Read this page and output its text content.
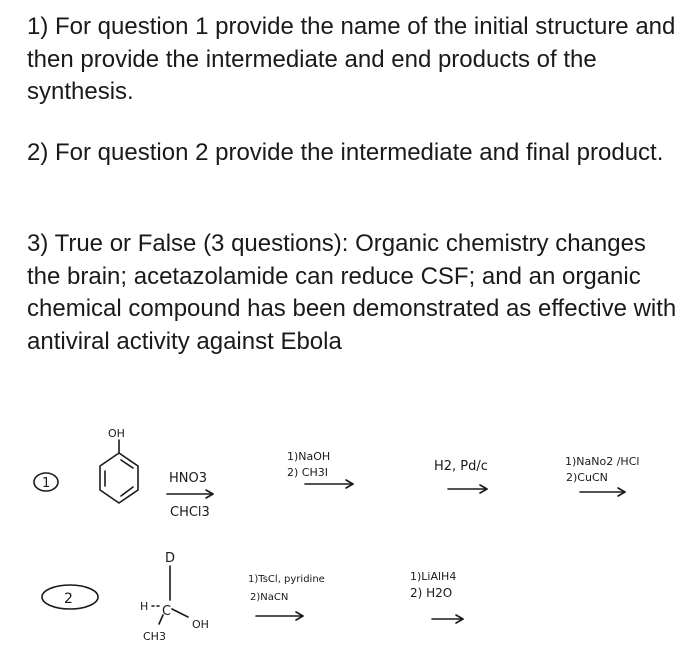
1) For question 1 provide the name of the initial structure and then provide the intermediate and end products of the synthesis.

2) For question 2 provide the intermediate and final product.

3) True or False (3 questions): Organic chemistry changes the brain; acetazolamide can reduce CSF; and an organic chemical compound has been demonstrated as effective with antiviral activity against Ebola

1
OH
HNO3
CHCl3
1)NaOH
2) CH3I	H2, Pd/c	1)NaNo2 /HCl
2)CuCN
2
D
H C
OH
CH3
1)TsCl, pyridine
2)NaCN
1)LiAlH4
2) H2O
